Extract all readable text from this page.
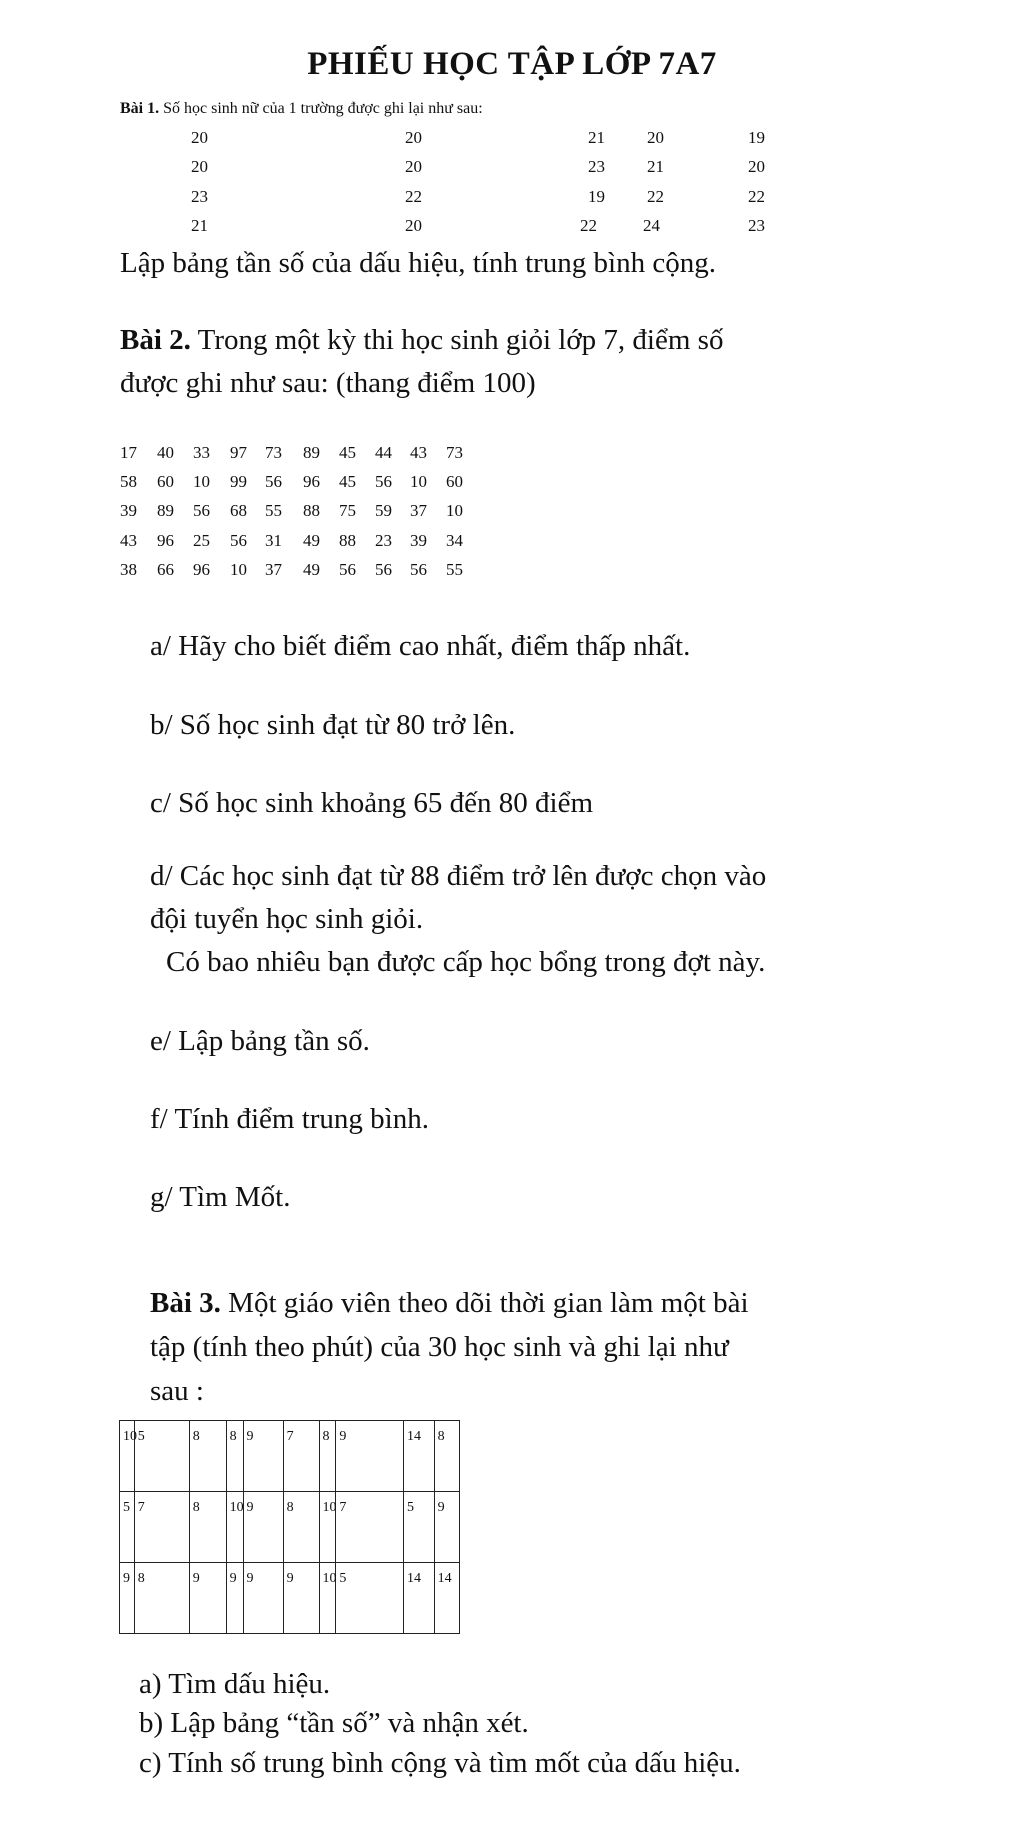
PHIẾU HỌC TẬP LỚP 7A7
Bài 1. Số học sinh nữ của 1 trường được ghi lại như sau:
20	20	21 20	19
20	20	23 21	20
23	22	19 22	22
21	20	22	24	23
Lập bảng tần số của dấu hiệu, tính trung bình cộng.
Bài 2. Trong một kỳ thi học sinh giỏi lớp 7, điểm số
được ghi như sau: (thang điểm 100)
17 40 33 97 73 89 45 44 43 73
58 60 10 99 56 96 45 56 10 60
39 89 56 68 55 88 75 59 37 10
43 96 25 56 31 49 88 23 39 34
38 66 96 10 37 49 56 56 56 55
a/ Hãy cho biết điểm cao nhất, điểm thấp nhất.
b/ Số học sinh đạt từ 80 trở lên.
c/ Số học sinh khoảng 65 đến 80 điểm
d/ Các học sinh đạt từ 88 điểm trở lên được chọn vào
đội tuyển học sinh giỏi.
Có bao nhiêu bạn được cấp học bổng trong đợt này.
e/ Lập bảng tần số.
f/ Tính điểm trung bình.
g/ Tìm Mốt.
Bài 3. Một giáo viên theo dõi thời gian làm một bài
tập (tính theo phút) của 30 học sinh và ghi lại như
sau :
10	5	8	8	9	7	8	9	14	8
5	7	8	10	9	8	10	7	5	9
9	8	9	9	9	9	10	5	14	14
a) Tìm dấu hiệu.
b) Lập bảng “tần số” và nhận xét.
c) Tính số trung bình cộng và tìm mốt của dấu hiệu.
